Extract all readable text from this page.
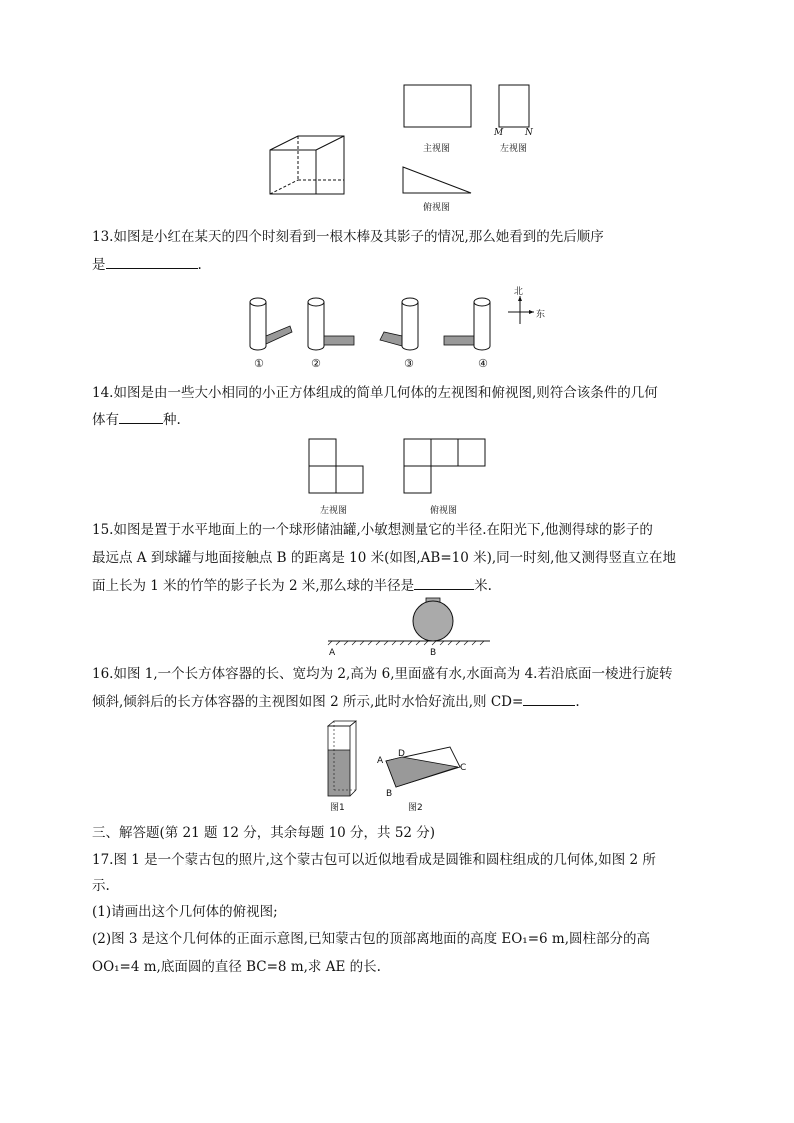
主视图
M N
左视图
俯视图
13.如图是小红在某天的四个时刻看到一根木棒及其影子的情况,那么她看到的先后顺序
是	.
①	②	③	④
北
东
14.如图是由一些大小相同的小正方体组成的简单几何体的左视图和俯视图,则符合该条件的几何
体有	种.
左视图	俯视图
15.如图是置于水平地面上的一个球形储油罐,小敏想测量它的半径.在阳光下,他测得球的影子的
最远点 A 到球罐与地面接触点 B 的距离是 10 米(如图,AB=10 米),同一时刻,他又测得竖直立在地
面上长为 1 米的竹竿的影子长为 2 米,那么球的半径是	米.
A	B
16.如图 1,一个长方体容器的长、宽均为 2,高为 6,里面盛有水,水面高为 4.若沿底面一棱进行旋转
倾斜,倾斜后的长方体容器的主视图如图 2 所示,此时水恰好流出,则 CD=	.
图1
A
B
C
D
图2
三、解答题(第 21 题 12 分，其余每题 10 分，共 52 分)
17.图 1 是一个蒙古包的照片,这个蒙古包可以近似地看成是圆锥和圆柱组成的几何体,如图 2 所
示.
(1)请画出这个几何体的俯视图;
(2)图 3 是这个几何体的正面示意图,已知蒙古包的顶部离地面的高度 EO₁=6 m,圆柱部分的高
OO₁=4 m,底面圆的直径 BC=8 m,求 AE 的长.
